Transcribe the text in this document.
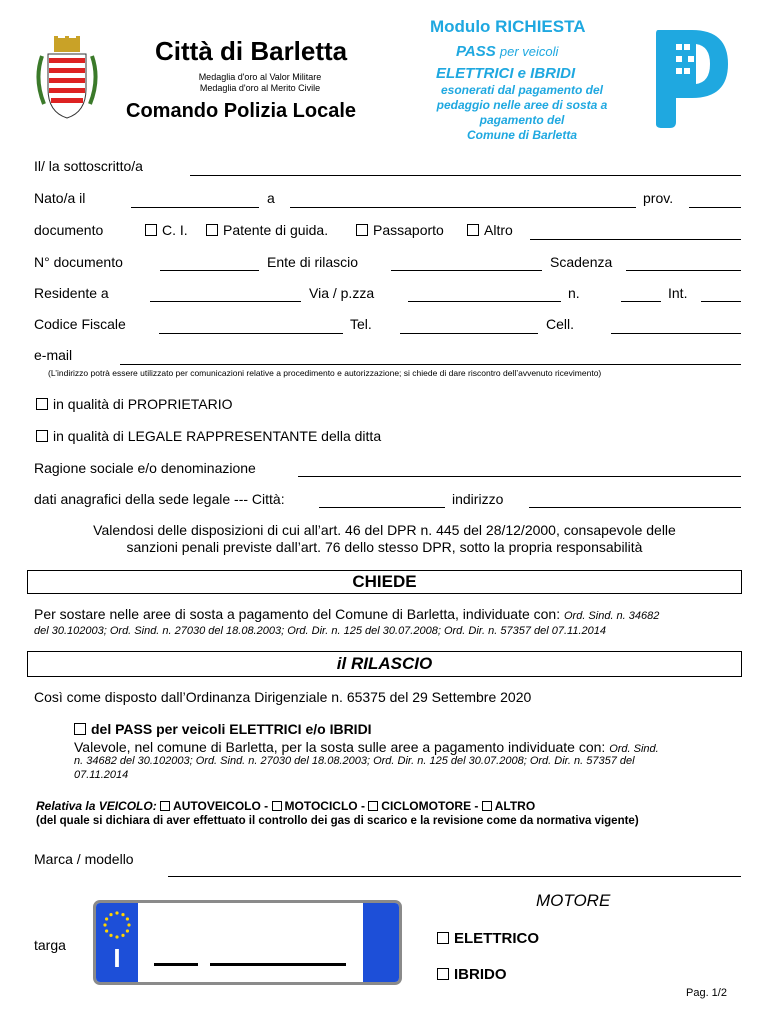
Città di Barletta
Medaglia d'oro al Valor Militare
Medaglia d'oro al Merito Civile
Comando Polizia Locale
Modulo RICHIESTA
PASS per veicoli
ELETTRICI e IBRIDI
esonerati dal pagamento del
pedaggio nelle aree di sosta a
pagamento del
Comune di Barletta
Il/ la sottoscritto/a
Nato/a il	a	prov.
documento	C. I.	Patente di guida.	Passaporto	Altro
N° documento	Ente di rilascio	Scadenza
Residente a	Via / p.zza	n.	Int.
Codice Fiscale	Tel.	Cell.
e-mail
(L’indirizzo potrà essere utilizzato per comunicazioni relative a procedimento e autorizzazione; si chiede di dare riscontro dell’avvenuto ricevimento)
in qualità di PROPRIETARIO
in qualità di LEGALE RAPPRESENTANTE della ditta
Ragione sociale e/o denominazione
dati anagrafici della sede legale --- Città:	indirizzo
Valendosi delle disposizioni di cui all’art. 46 del DPR n. 445 del 28/12/2000, consapevole delle
sanzioni penali previste dall’art. 76 dello stesso DPR, sotto la propria responsabilità
CHIEDE
Per sostare nelle aree di sosta a pagamento del Comune di Barletta, individuate con: Ord. Sind. n. 34682
del 30.102003; Ord. Sind. n. 27030 del 18.08.2003; Ord. Dir. n. 125 del 30.07.2008; Ord. Dir. n. 57357 del 07.11.2014
il RILASCIO
Così come disposto dall’Ordinanza Dirigenziale n. 65375 del 29 Settembre 2020
del PASS per veicoli ELETTRICI e/o IBRIDI
Valevole, nel comune di Barletta, per la sosta sulle aree a pagamento individuate con: Ord. Sind.
n. 34682 del 30.102003; Ord. Sind. n. 27030 del 18.08.2003; Ord. Dir. n. 125 del 30.07.2008; Ord. Dir. n. 57357 del
07.11.2014
Relativa la VEICOLO: AUTOVEICOLO - MOTOCICLO - CICLOMOTORE - ALTRO
(del quale si dichiara di aver effettuato il controllo dei gas di scarico e la revisione come da normativa vigente)
Marca / modello
targa	I
MOTORE
ELETTRICO
IBRIDO
Pag. 1/2
